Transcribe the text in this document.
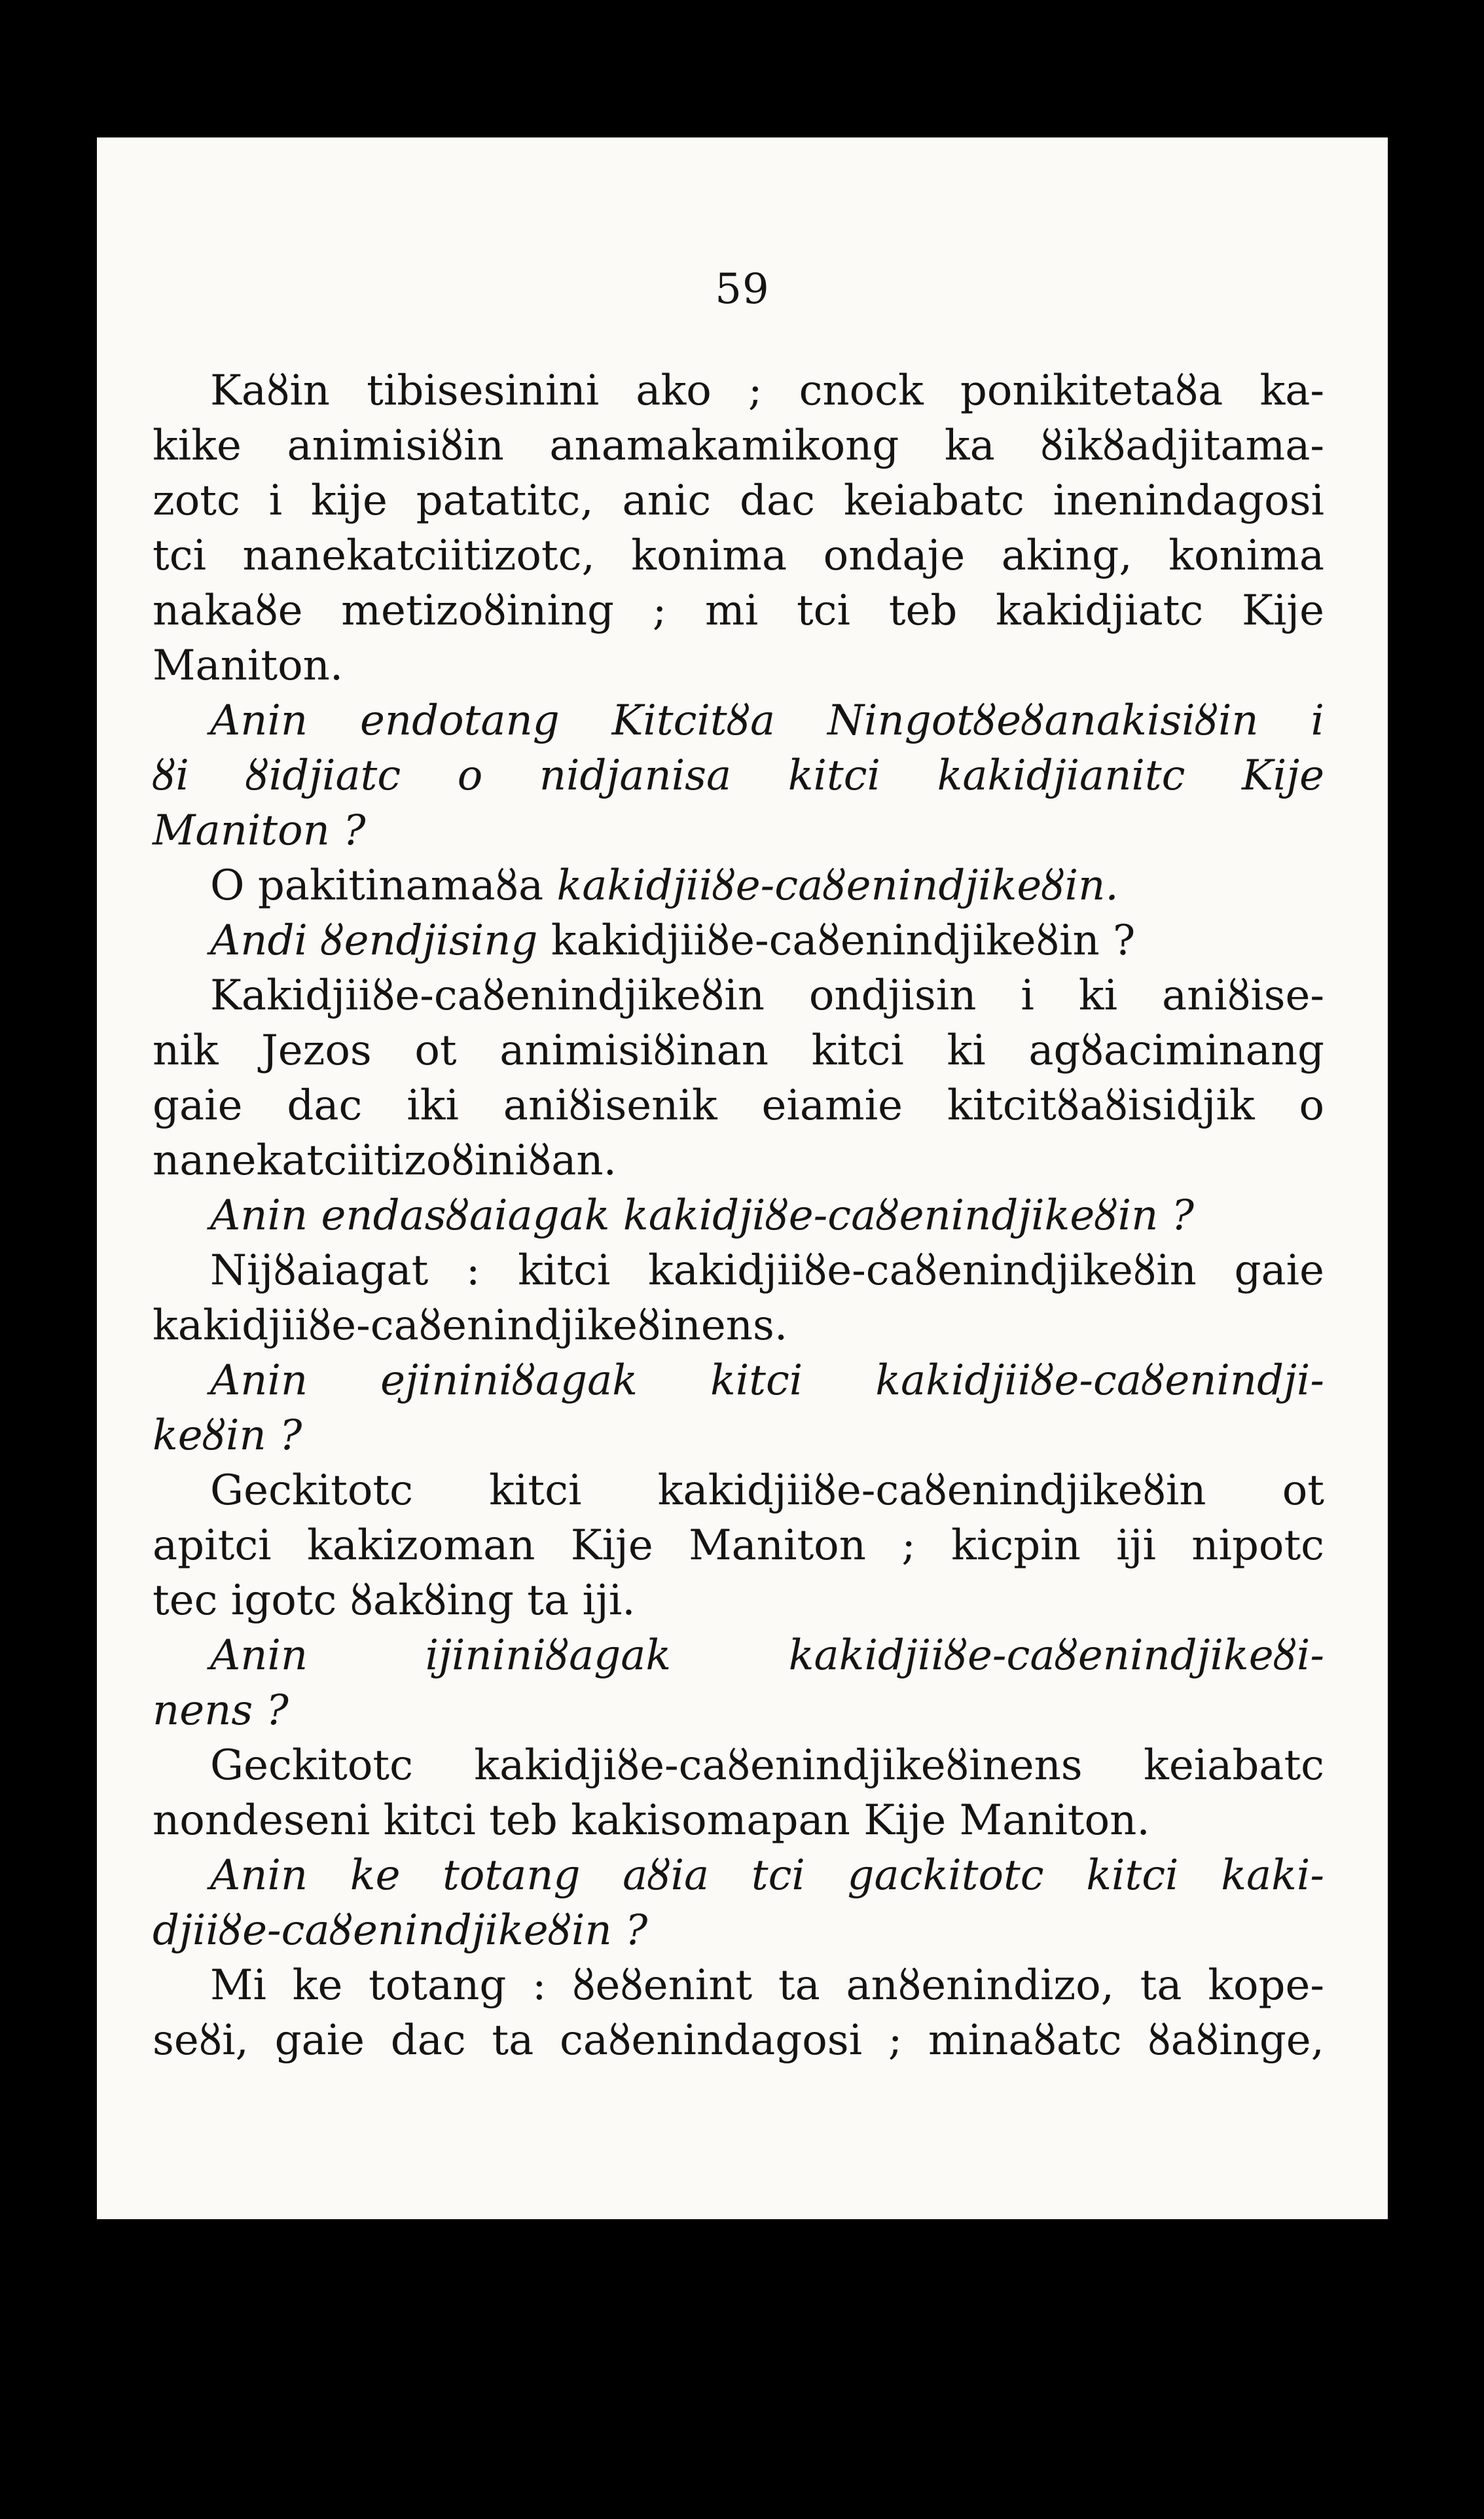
59
Kaȣin tibisesinini ako ; cnock ponikitetaȣa ka-
kike animisiȣin anamakamikong ka ȣikȣadjitama-
zotc i kije patatitc, anic dac keiabatc inenindagosi
tci nanekatciitizotc, konima ondaje aking, konima
nakaȣe metizoȣining ; mi tci teb kakidjiatc Kije
Maniton.
Anin endotang Kitcitȣa Ningotȣeȣanakisiȣin i
ȣi ȣidjiatc o nidjanisa kitci kakidjianitc Kije
Maniton ?
O pakitinamaȣa kakidjiiȣe-caȣenindjikeȣin.
Andi ȣendjising kakidjiiȣe-caȣenindjikeȣin ?
Kakidjiiȣe-caȣenindjikeȣin ondjisin i ki aniȣise-
nik Jezos ot animisiȣinan kitci ki agȣaciminang
gaie dac iki aniȣisenik eiamie kitcitȣaȣisidjik o
nanekatciitizoȣiniȣan.
Anin endasȣaiagak kakidjiȣe-caȣenindjikeȣin ?
Nijȣaiagat : kitci kakidjiiȣe-caȣenindjikeȣin gaie
kakidjiiȣe-caȣenindjikeȣinens.
Anin ejininiȣagak kitci kakidjiiȣe-caȣenindji-
keȣin ?
Geckitotc kitci kakidjiiȣe-caȣenindjikeȣin ot
apitci kakizoman Kije Maniton ; kicpin iji nipotc
tec igotc ȣakȣing ta iji.
Anin ijininiȣagak kakidjiiȣe-caȣenindjikeȣi-
nens ?
Geckitotc kakidjiȣe-caȣenindjikeȣinens keiabatc
nondeseni kitci teb kakisomapan Kije Maniton.
Anin ke totang aȣia tci gackitotc kitci kaki-
djiiȣe-caȣenindjikeȣin ?
Mi ke totang : ȣeȣenint ta anȣenindizo, ta kope-
seȣi, gaie dac ta caȣenindagosi ; minaȣatc ȣaȣinge,
